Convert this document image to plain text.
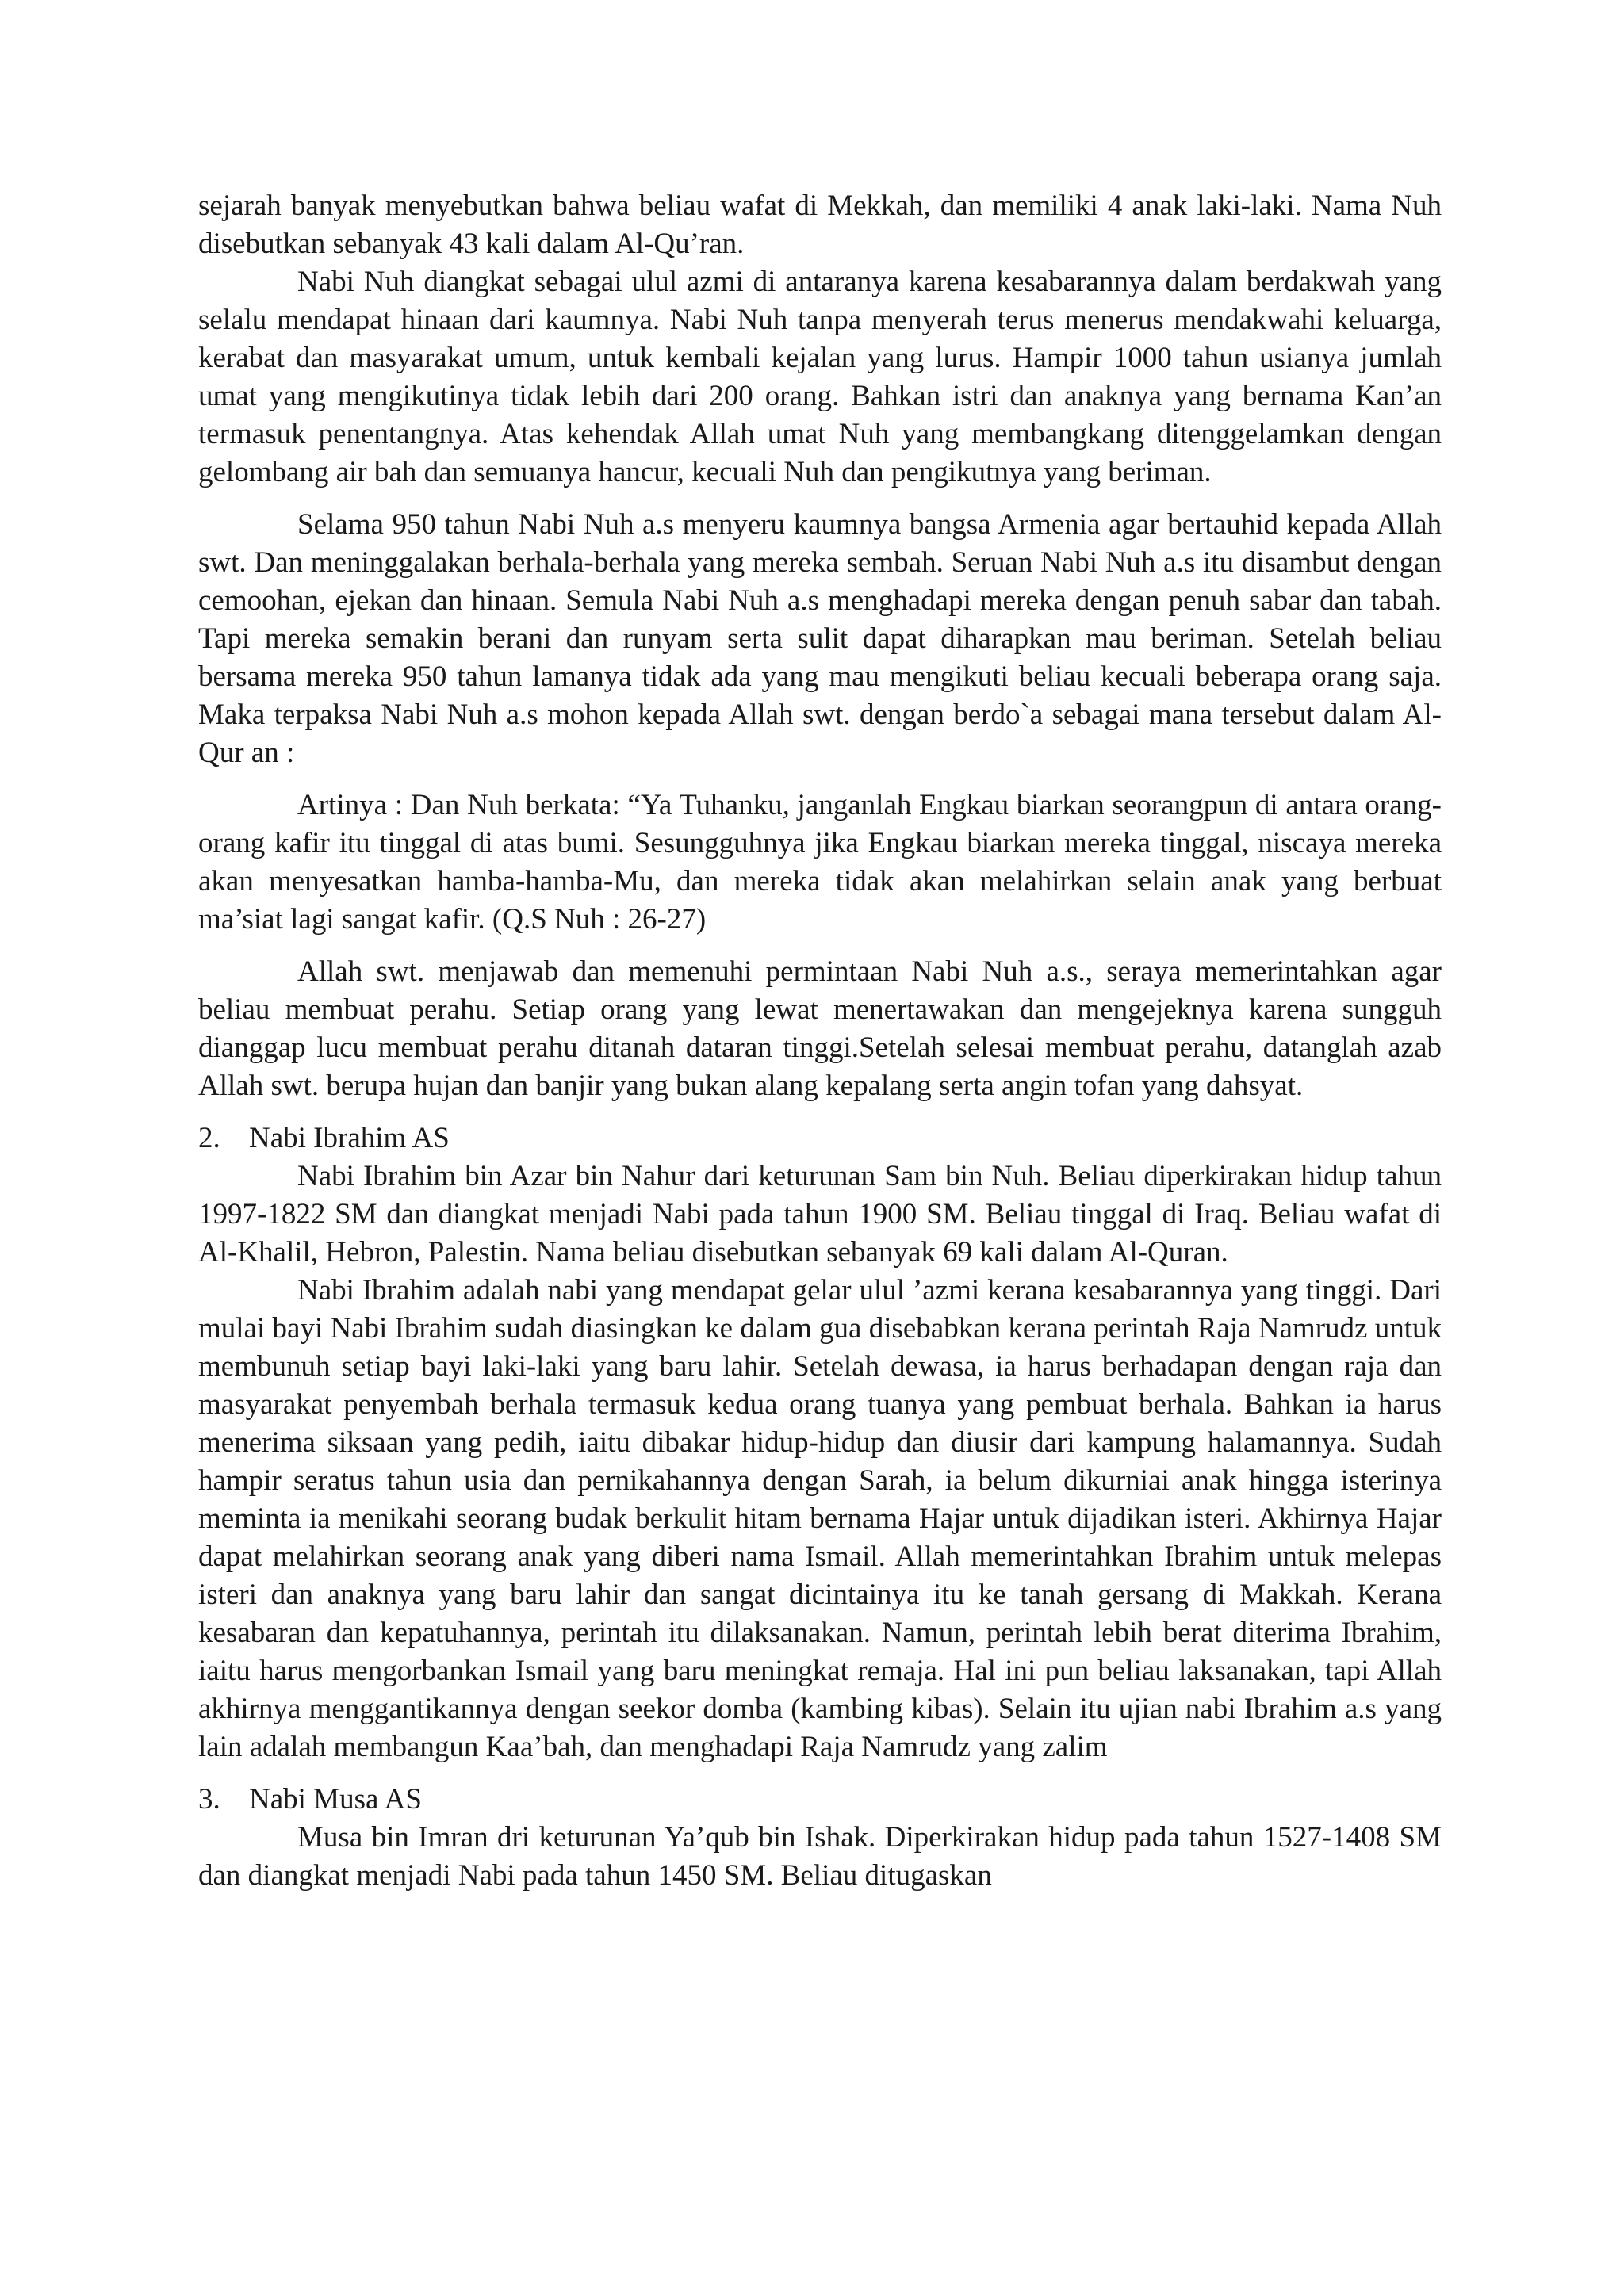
sejarah banyak menyebutkan bahwa beliau wafat di Mekkah, dan memiliki 4 anak laki-laki. Nama Nuh disebutkan sebanyak 43 kali dalam Al-Qu’ran.

Nabi Nuh diangkat sebagai ulul azmi di antaranya karena kesabarannya dalam berdakwah yang selalu mendapat hinaan dari kaumnya. Nabi Nuh tanpa menyerah terus menerus mendakwahi keluarga, kerabat dan masyarakat umum, untuk kembali kejalan yang lurus. Hampir 1000 tahun usianya jumlah umat yang mengikutinya tidak lebih dari 200 orang. Bahkan istri dan anaknya yang bernama Kan’an termasuk penentangnya. Atas kehendak Allah umat Nuh yang membangkang ditenggelamkan dengan gelombang air bah dan semuanya hancur, kecuali Nuh dan pengikutnya yang beriman.

Selama 950 tahun Nabi Nuh a.s menyeru kaumnya bangsa Armenia agar bertauhid kepada Allah swt. Dan meninggalakan berhala-berhala yang mereka sembah. Seruan Nabi Nuh a.s itu disambut dengan cemoohan, ejekan dan hinaan. Semula Nabi Nuh a.s menghadapi mereka dengan penuh sabar dan tabah. Tapi mereka semakin berani dan runyam serta sulit dapat diharapkan mau beriman. Setelah beliau bersama mereka 950 tahun lamanya tidak ada yang mau mengikuti beliau kecuali beberapa orang saja. Maka terpaksa Nabi Nuh a.s mohon kepada Allah swt. dengan berdo`a sebagai mana tersebut dalam Al-Qur an :

Artinya : Dan Nuh berkata: “Ya Tuhanku, janganlah Engkau biarkan seorangpun di antara orang-orang kafir itu tinggal di atas bumi. Sesungguhnya jika Engkau biarkan mereka tinggal, niscaya mereka akan menyesatkan hamba-hamba-Mu, dan mereka tidak akan melahirkan selain anak yang berbuat ma’siat lagi sangat kafir. (Q.S Nuh : 26-27)

Allah swt. menjawab dan memenuhi permintaan Nabi Nuh a.s., seraya memerintahkan agar beliau membuat perahu. Setiap orang yang lewat menertawakan dan mengejeknya karena sungguh dianggap lucu membuat perahu ditanah dataran tinggi.Setelah selesai membuat perahu, datanglah azab Allah swt. berupa hujan dan banjir yang bukan alang kepalang serta angin tofan yang dahsyat.

2. Nabi Ibrahim AS

Nabi Ibrahim bin Azar bin Nahur dari keturunan Sam bin Nuh. Beliau diperkirakan hidup tahun 1997-1822 SM dan diangkat menjadi Nabi pada tahun 1900 SM. Beliau tinggal di Iraq. Beliau wafat di Al-Khalil, Hebron, Palestin. Nama beliau disebutkan sebanyak 69 kali dalam Al-Quran.

Nabi Ibrahim adalah nabi yang mendapat gelar ulul ’azmi kerana kesabarannya yang tinggi. Dari mulai bayi Nabi Ibrahim sudah diasingkan ke dalam gua disebabkan kerana perintah Raja Namrudz untuk membunuh setiap bayi laki-laki yang baru lahir. Setelah dewasa, ia harus berhadapan dengan raja dan masyarakat penyembah berhala termasuk kedua orang tuanya yang pembuat berhala. Bahkan ia harus menerima siksaan yang pedih, iaitu dibakar hidup-hidup dan diusir dari kampung halamannya. Sudah hampir seratus tahun usia dan pernikahannya dengan Sarah, ia belum dikurniai anak hingga isterinya meminta ia menikahi seorang budak berkulit hitam bernama Hajar untuk dijadikan isteri. Akhirnya Hajar dapat melahirkan seorang anak yang diberi nama Ismail. Allah memerintahkan Ibrahim untuk melepas isteri dan anaknya yang baru lahir dan sangat dicintainya itu ke tanah gersang di Makkah. Kerana kesabaran dan kepatuhannya, perintah itu dilaksanakan. Namun, perintah lebih berat diterima Ibrahim, iaitu harus mengorbankan Ismail yang baru meningkat remaja. Hal ini pun beliau laksanakan, tapi Allah akhirnya menggantikannya dengan seekor domba (kambing kibas). Selain itu ujian nabi Ibrahim a.s yang lain adalah membangun Kaa’bah, dan menghadapi Raja Namrudz yang zalim

3. Nabi Musa AS

Musa bin Imran dri keturunan Ya’qub bin Ishak. Diperkirakan hidup pada tahun 1527-1408 SM dan diangkat menjadi Nabi pada tahun 1450 SM. Beliau ditugaskan
